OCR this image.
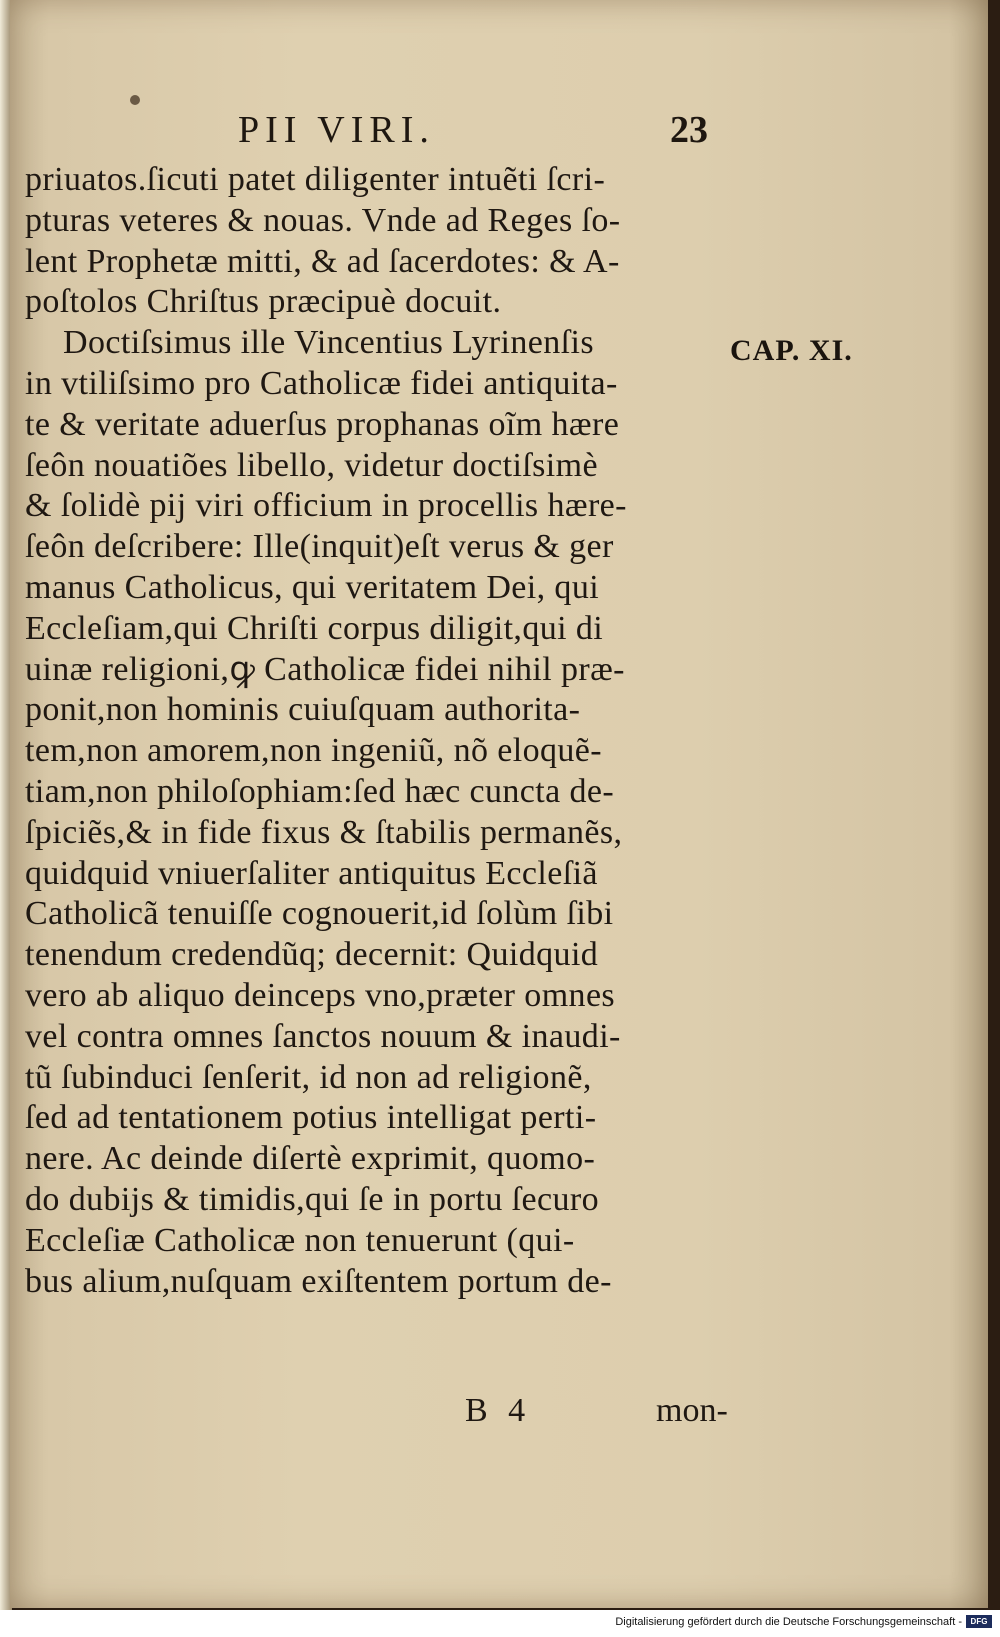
PII VIRI.	23
priuatos.ſicuti patet diligenter intuẽti ſcri-
pturas veteres & nouas. Vnde ad Reges ſo-
lent Prophetæ mitti, & ad ſacerdotes: & A-
poſtolos Chriſtus præcipuè docuit.
Doctiſsimus ille Vincentius Lyrinenſis
in vtiliſsimo pro Catholicæ fidei antiquita-
te & veritate aduerſus prophanas oĩm hære
ſeôn nouatiões libello, videtur doctiſsimè
& ſolidè pij viri officium in procellis hære-
ſeôn deſcribere: Ille(inquit)eſt verus & ger
manus Catholicus, qui veritatem Dei, qui
Eccleſiam,qui Chriſti corpus diligit,qui di
uinæ religioni,ꝙ Catholicæ fidei nihil præ-
ponit,non hominis cuiuſquam authorita-
tem,non amorem,non ingeniũ, nõ eloquẽ-
tiam,non philoſophiam:ſed hæc cuncta de-
ſpiciẽs,& in fide fixus & ſtabilis permanẽs,
quidquid vniuerſaliter antiquitus Eccleſiã
Catholicã tenuiſſe cognouerit,id ſolùm ſibi
tenendum credendũq; decernit: Quidquid
vero ab aliquo deinceps vno,præter omnes
vel contra omnes ſanctos nouum & inaudi-
tũ ſubinduci ſenſerit, id non ad religionẽ,
ſed ad tentationem potius intelligat perti-
nere. Ac deinde diſertè exprimit, quomo-
do dubijs & timidis,qui ſe in portu ſecuro
Eccleſiæ Catholicæ non tenuerunt (qui-
bus alium,nuſquam exiſtentem portum de-
CAP. XI.
B 4	mon-
Digitalisierung gefördert durch die Deutsche Forschungsgemeinschaft -	DFG
